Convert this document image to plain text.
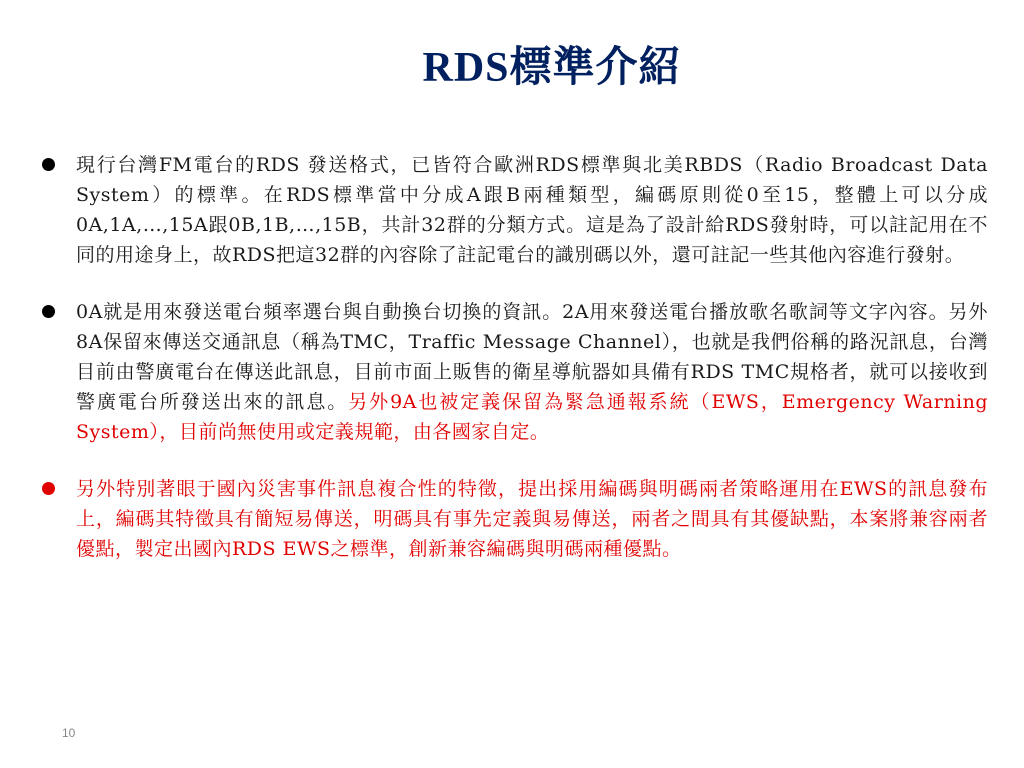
RDS標準介紹
現行台灣FM電台的RDS 發送格式，已皆符合歐洲RDS標準與北美RBDS（Radio Broadcast Data System）的標準。在RDS標準當中分成A跟B兩種類型，編碼原則從0至15，整體上可以分成0A,1A,…,15A跟0B,1B,…,15B，共計32群的分類方式。這是為了設計給RDS發射時，可以註記用在不同的用途身上，故RDS把這32群的內容除了註記電台的識別碼以外，還可註記一些其他內容進行發射。
0A就是用來發送電台頻率選台與自動換台切換的資訊。2A用來發送電台播放歌名歌詞等文字內容。另外8A保留來傳送交通訊息（稱為TMC，Traffic Message Channel），也就是我們俗稱的路況訊息，台灣目前由警廣電台在傳送此訊息，目前市面上販售的衛星導航器如具備有RDS TMC規格者，就可以接收到警廣電台所發送出來的訊息。另外9A也被定義保留為緊急通報系統（EWS，Emergency Warning System），目前尚無使用或定義規範，由各國家自定。
另外特別著眼于國內災害事件訊息複合性的特徵，提出採用編碼與明碼兩者策略運用在EWS的訊息發布上，編碼其特徵具有簡短易傳送，明碼具有事先定義與易傳送，兩者之間具有其優缺點，本案將兼容兩者優點，製定出國內RDS EWS之標準，創新兼容編碼與明碼兩種優點。
10
